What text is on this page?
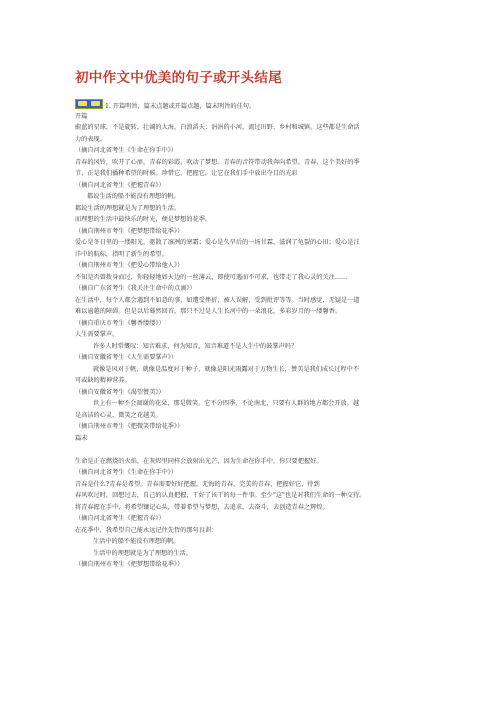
初中作文中优美的句子或开头结尾
1. 开篇明旨，篇末点题或开篇点题，篇末明旨的佳句。
开篇
蔚蓝的星球，不是旋转，壮阔的大海，白浪滔天；涓涓的小河，流过田野、乡村和城镇。这些都是生命活
力的表现。
（摘自河北省考生《生命在你手中》）
青春的风铃，吹开了心扉，青春的彩霞，吹动了梦想。青春的音符带动我奔向希望。青春，这个美好的季
节，正是我们播种希望的时候。珍惜它，把握它，让它在我们手中放出夺目的光彩
（摘自河北省考生《把握青春》）
都说生活的船不能没有理想的帆。
都说生活的理想就是为了理想的生活。
而理想的生活中最快乐的时光，便是梦想的花季。
（摘自荆州市考生《把梦想带给花季》）
爱心是冬日里的一缕阳光，驱散了凛冽的寒霜；爱心是久旱后的一场甘霖，滋润了龟裂的心田；爱心是汪
洋中的航标，指明了新生的希望。
（摘自荆州市考生《把爱心带给他人》）
不知是否曾拨身而过，你轻轻地如天边的一丝薄云，即使可遇而不可求，也带走了我心灵的关注……
（摘自广东省考生《我关注生命中的点滴》）
在生活中，每个人都会遇到不如意的事，如遭受挫折，被人误解，受到批评等等。当时感觉，无疑是一道
难以逾越的障碍。但是以后蓦然回首，那只不过是人生长河中的一朵浪花，多彩岁月的一缕馨香。
（摘自重庆市考生《馨香缕缕》）
人生需要掌声。
许多人时常慨叹：知音难求，何为知音，知音难道不是人生中的鼓掌声吗？
（摘自安徽省考生《人生需要掌声》）
就像是风对于帆，就像是温度对于种子，就像是阳光雨露对于万物生长，赞美是我们成长过程中不
可或缺的精神营养。
（摘自安徽省考生《渴望赞美》）
世上有一种不会凋谢的花朵，那是微笑。它不分四季，不论南北，只要有人群的地方都会开放。越
是高洁的心灵，微笑之花越美。
（摘自荆州市考生《把微笑带给花季》）
篇末
生命是正在燃烧的火焰，在灰烬里同样会放射出光芒，因为生命在你手中，你只要把握好。
（摘自河北省考生《生命在你手中》）
青春是什么?青春是希望。青春需要好好把握，无悔的青春，完美的青春，把握好它，待到
春风吹过时，回想过去，自己的认真把握，干好了该干的每一件事。至少"这"也是对我们生命的一种交待。
将青春握在手中，将希望镶记心头，带着希望与梦想，去追求，去奋斗，去创造青春之辉煌。
（摘自河北省考生《把握青春》）
在花季中，我希望自己能永远记住先哲的那句良训：
生活中的船不能没有理想的帆。
生活中的理想就是为了理想的生活。
（摘自荆州市考生《把梦想带给花季》）
